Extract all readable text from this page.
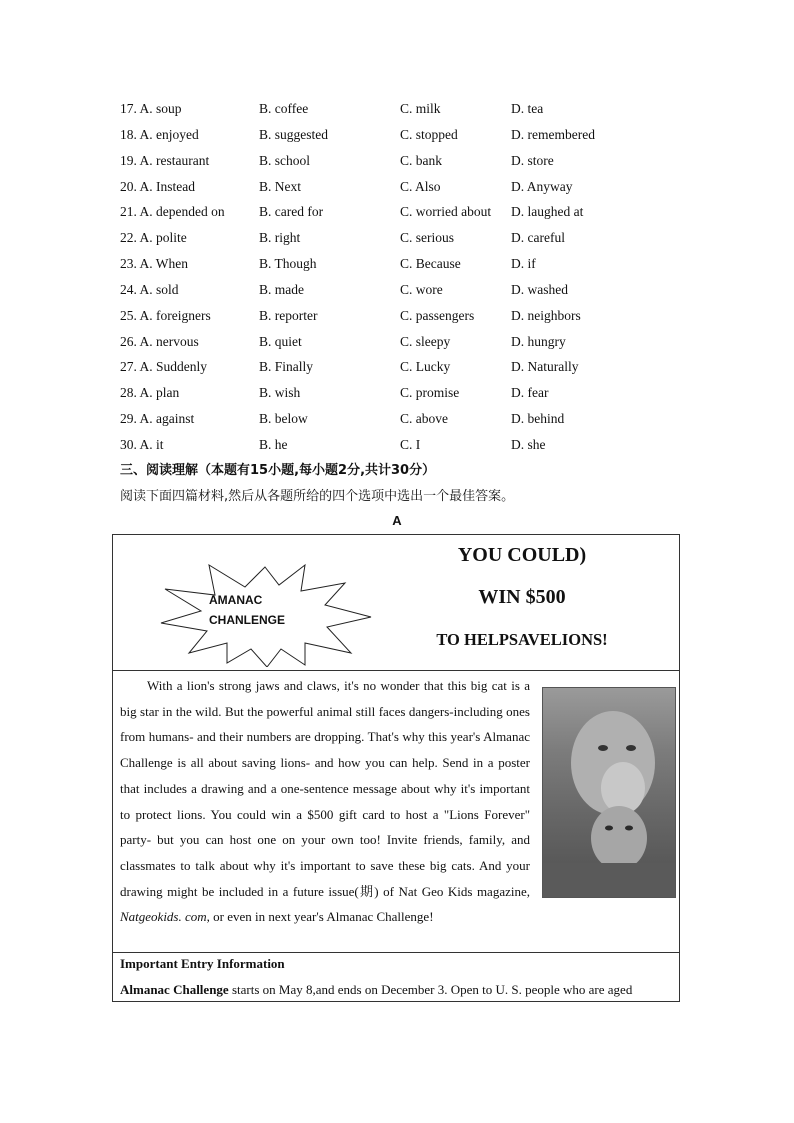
17. A. soup	B. coffee	C. milk	D. tea
18. A. enjoyed	B. suggested	C. stopped	D. remembered
19. A. restaurant	B. school	C. bank	D. store
20. A. Instead	B. Next	C. Also	D. Anyway
21. A. depended on	B. cared for	C. worried about D. laughed at
22. A. polite	B. right	C. serious	D. careful
23. A. When	B. Though	C. Because	D. if
24. A. sold	B. made	C. wore	D. washed
25. A. foreigners	B. reporter	C. passengers	D. neighbors
26. A. nervous	B. quiet	C. sleepy	D. hungry
27. A. Suddenly	B. Finally	C. Lucky	D. Naturally
28. A. plan	B. wish	C. promise	D. fear
29. A. against	B. below	C. above	D. behind
30. A. it	B. he	C. I	D. she
三、阅读理解（本题有15小题,每小题2分,共计30分）
阅读下面四篇材料,然后从各题所给的四个选项中选出一个最佳答案。
A
AMANAC
CHANLENGE
YOU COULD)
WIN $500
TO HELPSAVELIONS!
With a lion's strong jaws and claws, it's no wonder that this big cat is a big star in the wild. But the powerful animal still faces dangers-including ones from humans- and their numbers are dropping. That's why this year's Almanac Challenge is all about saving lions- and how you can help. Send in a poster that includes a drawing and a one-sentence message about why it's important to protect lions. You could win a $500 gift card to host a "Lions Forever" party- but you can host one on your own too! Invite friends, family, and classmates to talk about why it's important to save these big cats. And your drawing might be included in a future issue(期) of Nat Geo Kids magazine, Natgeokids. com, or even in next year's Almanac Challenge!
Important Entry Information
Almanac Challenge starts on May 8,and ends on December 3. Open to U. S. people who are aged
